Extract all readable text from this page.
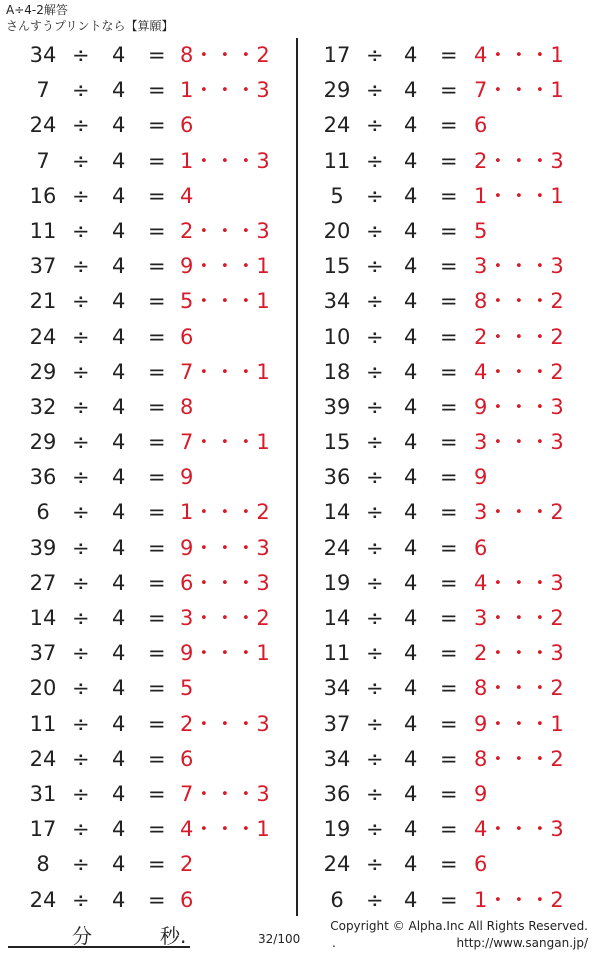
A÷4-2解答
さんすうプリントなら【算願】
34 ÷ 4 = 8・・・2
7	÷ 4 = 1・・・3
24 ÷ 4 = 6
7	÷ 4 = 1・・・3
16 ÷ 4 = 4
11 ÷ 4 = 2・・・3
37 ÷ 4 = 9・・・1
21 ÷ 4 = 5・・・1
24 ÷ 4 = 6
29 ÷ 4 = 7・・・1
32 ÷ 4 = 8
29 ÷ 4 = 7・・・1
36 ÷ 4 = 9
6	÷ 4 = 1・・・2
39 ÷ 4 = 9・・・3
27 ÷ 4 = 6・・・3
14 ÷ 4 = 3・・・2
37 ÷ 4 = 9・・・1
20 ÷ 4 = 5
11 ÷ 4 = 2・・・3
24 ÷ 4 = 6
31 ÷ 4 = 7・・・3
17 ÷ 4 = 4・・・1
8	÷ 4 = 2
24 ÷ 4 = 6
17 ÷ 4 = 4・・・1
29 ÷ 4 = 7・・・1
24 ÷ 4 = 6
11 ÷ 4 = 2・・・3
5	÷ 4 = 1・・・1
20 ÷ 4 = 5
15 ÷ 4 = 3・・・3
34 ÷ 4 = 8・・・2
10 ÷ 4 = 2・・・2
18 ÷ 4 = 4・・・2
39 ÷ 4 = 9・・・3
15 ÷ 4 = 3・・・3
36 ÷ 4 = 9
14 ÷ 4 = 3・・・2
24 ÷ 4 = 6
19 ÷ 4 = 4・・・3
14 ÷ 4 = 3・・・2
11 ÷ 4 = 2・・・3
34 ÷ 4 = 8・・・2
37 ÷ 4 = 9・・・1
34 ÷ 4 = 8・・・2
36 ÷ 4 = 9
19 ÷ 4 = 4・・・3
24 ÷ 4 = 6
6	÷ 4 = 1・・・2
分	秒.	32/100	.
Copyright © Alpha.Inc All Rights Reserved.
http://www.sangan.jp/
